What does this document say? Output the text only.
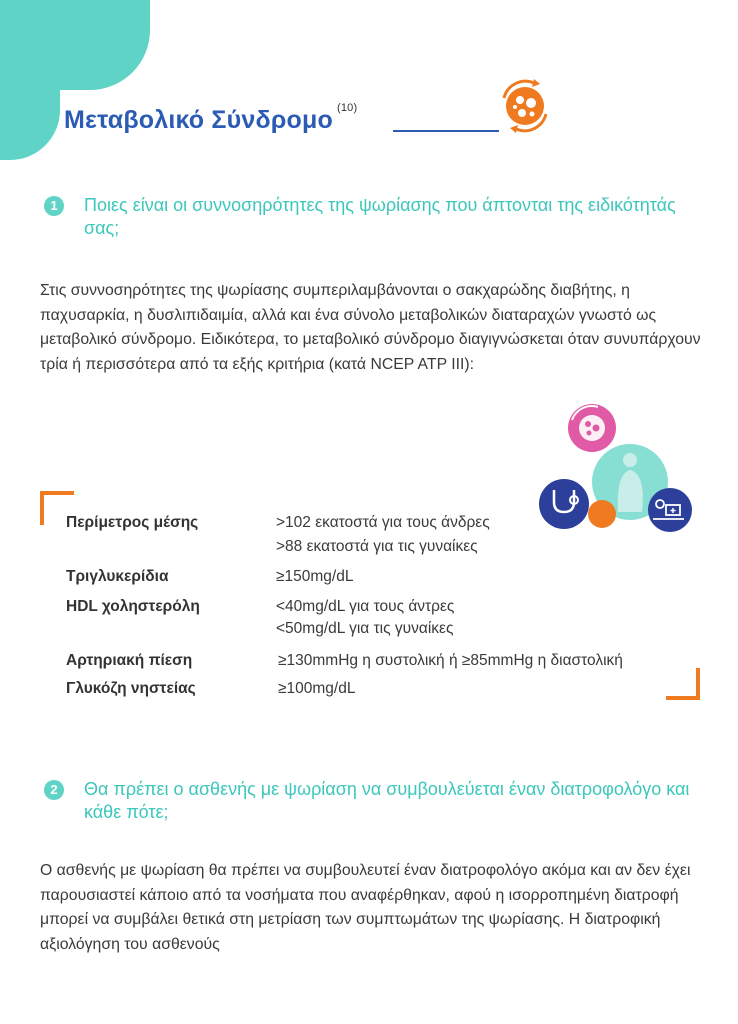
Μεταβολικό Σύνδρομο $^{(10)}$
1	Ποιες είναι οι συννοσηρότητες της ψωρίασης που άπτονται της ειδικότητάς σας;
Στις συννοσηρότητες της ψωρίασης συμπεριλαμβάνονται ο σακχαρώδης διαβήτης, η παχυσαρκία, η δυσλιπιδαιμία, αλλά και ένα σύνολο μεταβολικών διαταραχών γνωστό ως μεταβολικό σύνδρομο. Ειδικότερα, το μεταβολικό σύνδρομο διαγιγνώσκεται όταν συνυπάρχουν τρία ή περισσότερα από τα εξής κριτήρια (κατά NCEP ATP III):
Περίμετρος μέσης	>102 εκατοστά για τους άνδρες
>88 εκατοστά για τις γυναίκες
Τριγλυκερίδια	≥150mg/dL
HDL χοληστερόλη	<40mg/dL για τους άντρες
<50mg/dL για τις γυναίκες
Αρτηριακή πίεση	≥130mmHg η συστολική ή ≥85mmHg η διαστολική
Γλυκόζη νηστείας	≥100mg/dL
2	Θα πρέπει ο ασθενής με ψωρίαση να συμβουλεύεται έναν διατροφολόγο και κάθε πότε;
Ο ασθενής με ψωρίαση θα πρέπει να συμβουλευτεί έναν διατροφολόγο ακόμα και αν δεν έχει παρουσιαστεί κάποιο από τα νοσήματα που αναφέρθηκαν, αφού η ισορροπημένη διατροφή μπορεί να συμβάλει θετικά στη μετρίαση των συμπτωμάτων της ψωρίασης. Η διατροφική αξιολόγηση του ασθενούς
